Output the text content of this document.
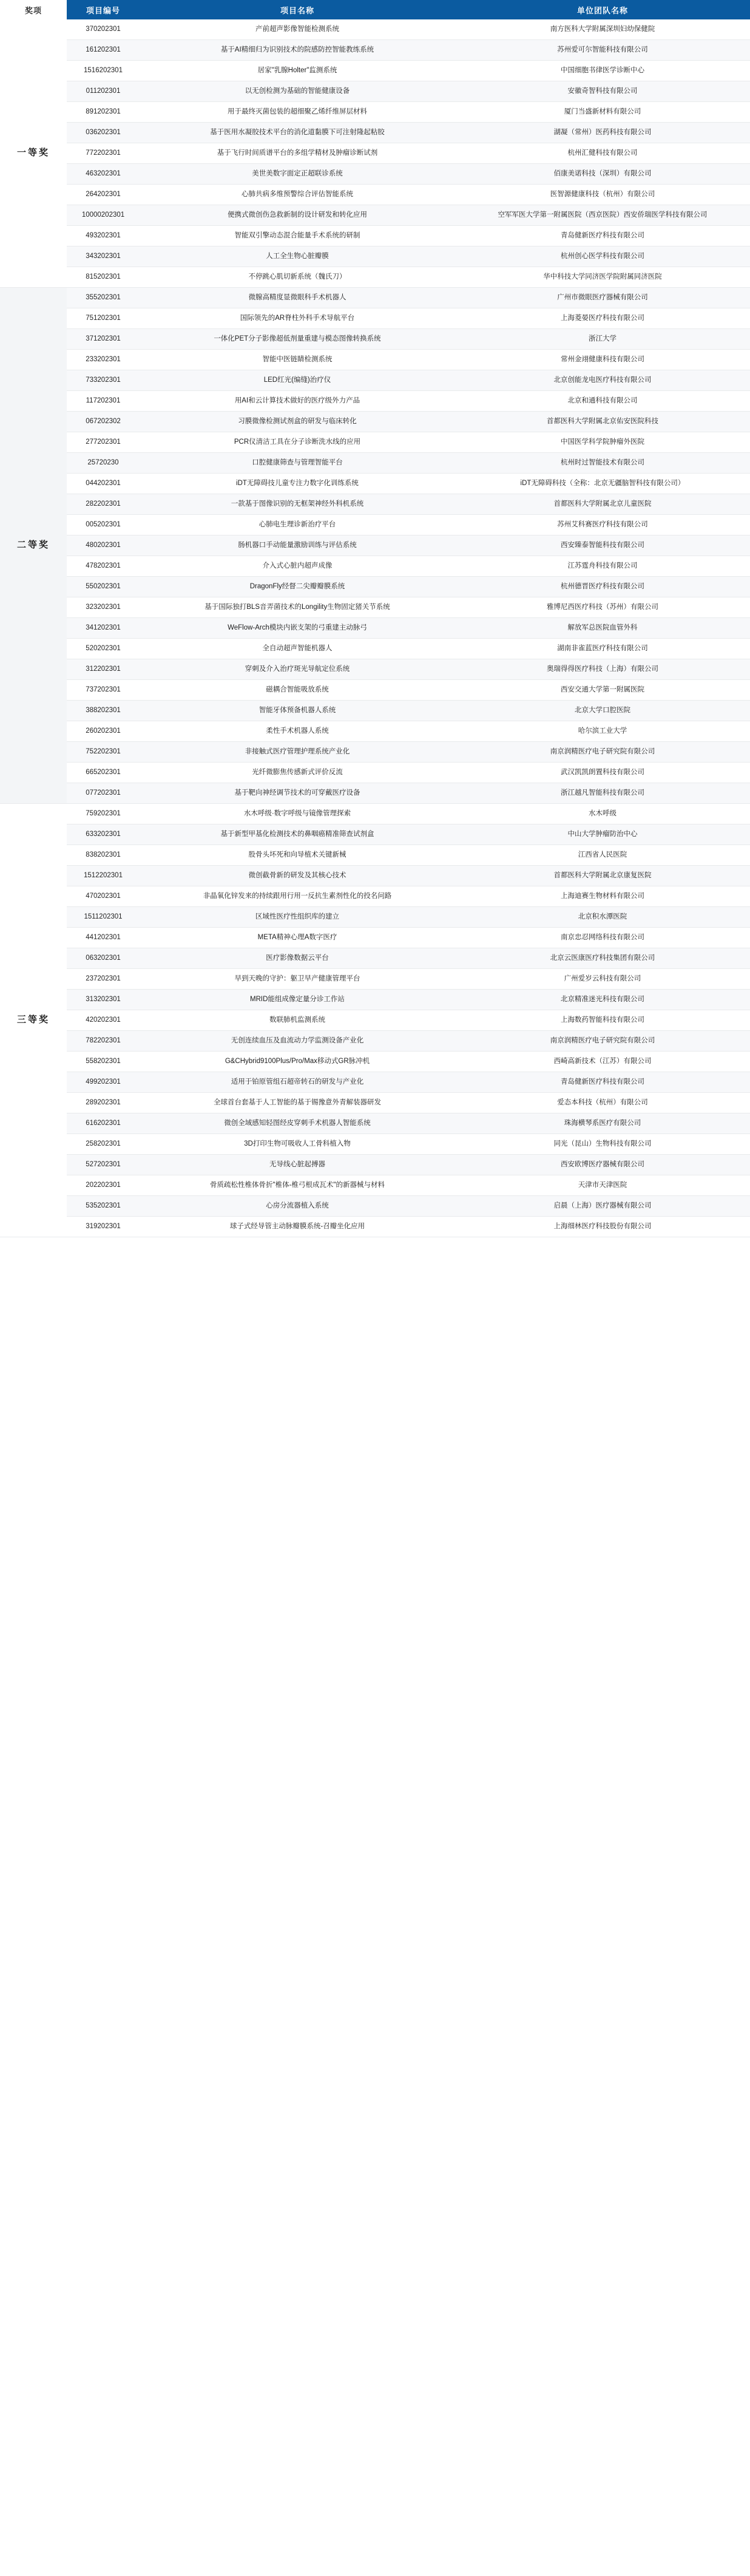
奖项	项目编号	项目名称	单位团队名称
一等奖	370202301	产前超声影像智能检测系统	南方医科大学附属深圳妇幼保健院
	161202301	基于AI精细归为识别技术的院感防控智能教练系统	苏州爱可尔智能科技有限公司
	1516202301	居家"乳腺Holter"监测系统	中国细胞书律医学诊断中心
	011202301	以无创检测为基础的智能健康设备	安徽奇智科技有限公司
	891202301	用于最终灭菌包装的超细聚乙烯纤维屏层材料	厦门当盛新材料有限公司
	036202301	基于医用水凝胶技术平台的消化道黏膜下可注射隆起粘胶	湖凝（常州）医药科技有限公司
	772202301	基于飞行时间质谱平台的多组学精材及肿瘤诊断试剂	杭州汇健科技有限公司
	463202301	美世美数字面定正超联诊系统	佰康美诺科技（深圳）有限公司
	264202301	心肺共病多维预警综合评估智能系统	医智源健康科技（杭州）有限公司
	10000202301	便携式微创伤急救新制的设计研发和转化应用	空军军医大学第一附属医院（西京医院）西安侨瑞医学科技有限公司
	493202301	智能双引擎动态混合能量手术系统的研制	青岛健新医疗科技有限公司
	343202301	人工全生物心脏瓣膜	杭州创心医学科技有限公司
	815202301	不停跳心肌切新系统（魏氏刀）	华中科技大学同济医学院附属同济医院
二等奖	355202301	微腺高精度显微眼科手术机器人	广州市微眼医疗器械有限公司
	751202301	国际领先的AR脊柱外科手术导航平台	上海菱晏医疗科技有限公司
	371202301	一体化PET分子影像超低剂量重建与模态图像转换系统	浙江大学
	233202301	智能中医链睛检测系统	常州金翊健康科技有限公司
	733202301	LED红光(编缝)治疗仪	北京创能龙电医疗科技有限公司
	117202301	用AI和云计算技术做好的医疗级外力产品	北京和通科技有限公司
	067202302	习膜微像检测试剂盒的研发与临床转化	首都医科大学附属北京佑安医院科技
	277202301	PCR仪清洁工具在分子诊断洗水线的应用	中国医学科学院肿瘤外医院
	25720230	口腔健康筛查与管理智能平台	杭州时过智能技术有限公司
	044202301	iDT无障碍技儿童专注力数字化训练系统	iDT无障碍科技（全称：北京无疆脑智科技有限公司）
	282202301	一款基于图像识别的无框架神经外科机系统	首都医科大学附属北京儿童医院
	005202301	心肺电生理诊新治疗平台	苏州艾科赛医疗科技有限公司
	480202301	肠机器口手动能量激励训练与评估系统	西安臻泰智能科技有限公司
	478202301	介入式心脏内超声成像	江苏霆舟科技有限公司
	550202301	DragonFly经督二尖瓣瓣膜系统	杭州德晋医疗科技有限公司
	323202301	基于国际独打BLS音弄菌技术的Longility生物固定猪关节系统	雅博尼西医疗科技（苏州）有限公司
	341202301	WeFlow-Arch模块内嵌支架的弓重建主动脉弓	解放军总医院血管外科
	520202301	全自动超声智能机器人	湖南非雀蓝医疗科技有限公司
	312202301	穿刺及介入治疗斑光导航定位系统	奥瑞得得医疗科技（上海）有限公司
	737202301	磁耦合智能吸放系统	西安交通大学第一附属医院
	388202301	智能牙体预备机器人系统	北京大学口腔医院
	260202301	柔性手术机器人系统	哈尔滨工业大学
	752202301	非接触式医疗管理护理系统产业化	南京润精医疗电子研究院有限公司
	665202301	光纤微膨焦传感新式评价反流	武汉凯凯朗置科技有限公司
	077202301	基于靶向神经调节技术的可穿戴医疗设备	浙江越凡智能科技有限公司
三等奖	759202301	水木呼级·数字呼级与镜像管理探索	水木呼级
	633202301	基于新型甲基化检测技术的鼻咽癌精准筛查试剂盒	中山大学肿瘤防治中心
	838202301	股骨头坏死和向导植术关键新械	江西省人民医院
	1512202301	微创截骨新的研发及其核心技术	首都医科大学附属北京康复医院
	470202301	非晶氧化锌发来的持续跟用行用一反抗生素剂性化的投名问路	上海迪赛生物材料有限公司
	1511202301	区域性医疗性组织库的建立	北京积水潭医院
	441202301	META精神心理A数字医疗	南京忠忍网络科技有限公司
	063202301	医疗影像数据云平台	北京云医康医疗科技集团有限公司
	237202301	早到天晚的守护：躯卫早产健康管理平台	广州爱岁云科技有限公司
	313202301	MRID能组成像定量分诊工作站	北京精准迷光科技有限公司
	420202301	数联肺机监测系统	上海数药智能科技有限公司
	782202301	无创连续血压及血流动力学监测设备产业化	南京润精医疗电子研究院有限公司
	558202301	G&CHybrid9100Plus/Pro/Max移动式GR脉冲机	西崎高新技术（江苏）有限公司
	499202301	适用于铂原管组石超帝转石的研发与产业化	青岛健新医疗科技有限公司
	289202301	全球首台套基于人工智能的基于锡豫意外青解装器研发	爱态本科技（杭州）有限公司
	616202301	微创全域感知轻图经皮穿刺手术机器人智能系统	珠海横琴系医疗有限公司
	258202301	3D打印生物可吸收人工骨科植入物	同光（昆山）生物科技有限公司
	527202301	无导线心脏起搏器	西安欧博医疗器械有限公司
	202202301	骨质疏松性椎体骨折"椎体-椎弓根成瓦术"的新器械与材料	天津市天津医院
	535202301	心房分流器植入系统	启晨（上海）医疗器械有限公司
	319202301	球子式经导管主动脉瓣膜系统-召瓣坐化应用	上海细林医疗科技股份有限公司
